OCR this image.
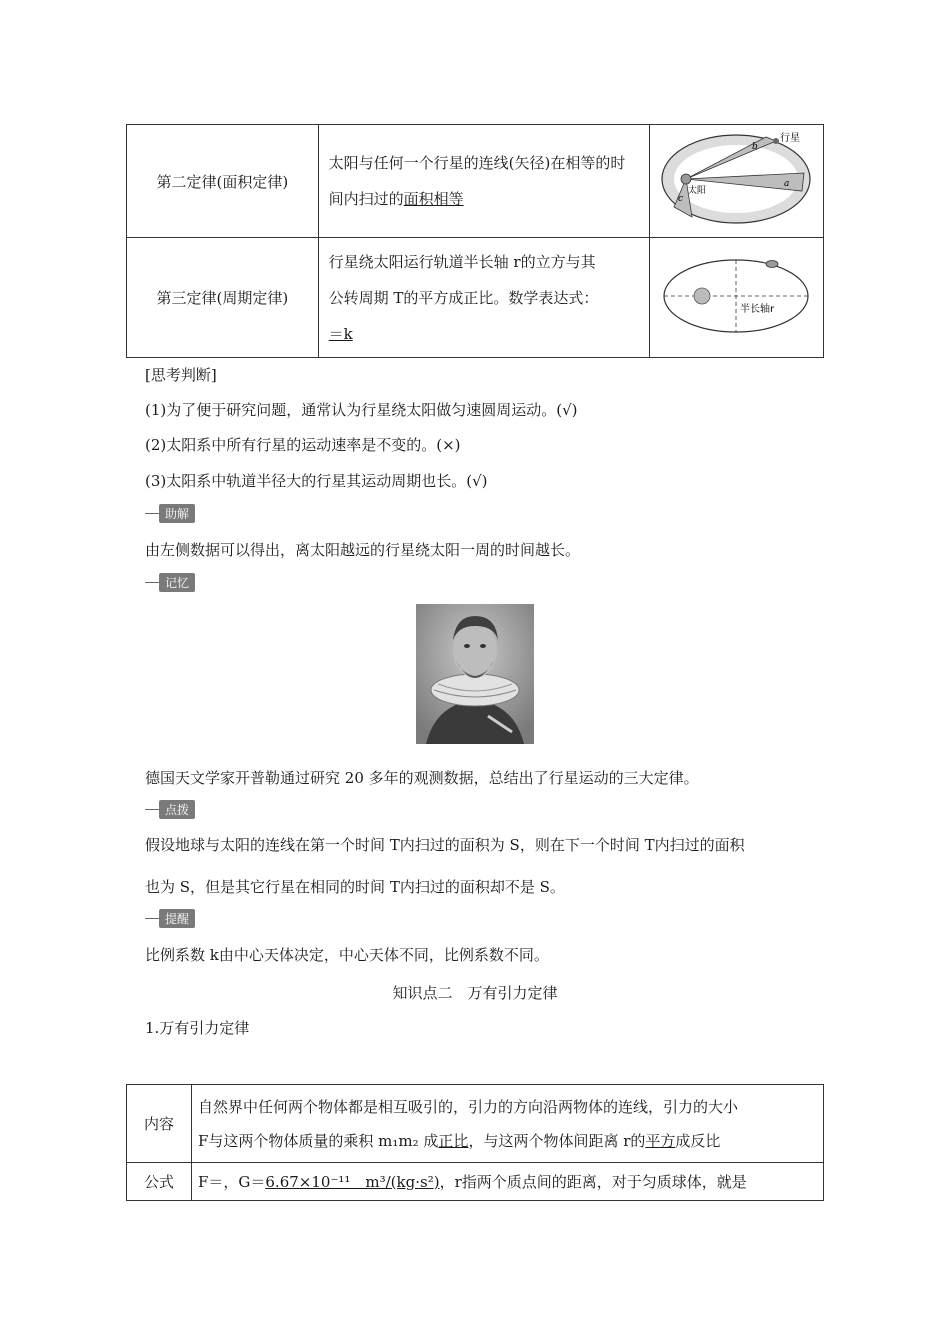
第二定律(面积定律)	太阳与任何一个行星的连线(矢径)在相等的时间内扫过的面积相等	行星
太阳
a
b
c

第三定律(周期定律)	行星绕太阳运行轨道半长轴 r的立方与其
公转周期 T的平方成正比。数学表达式：
＝k	半长轴r
[思考判断]
(1)为了便于研究问题，通常认为行星绕太阳做匀速圆周运动。(√)
(2)太阳系中所有行星的运动速率是不变的。(×)
(3)太阳系中轨道半径大的行星其运动周期也长。(√)
助解
由左侧数据可以得出，离太阳越远的行星绕太阳一周的时间越长。
记忆
德国天文学家开普勒通过研究 20 多年的观测数据，总结出了行星运动的三大定律。
点拨
假设地球与太阳的连线在第一个时间 T内扫过的面积为 S，则在下一个时间 T内扫过的面积
也为 S，但是其它行星在相同的时间 T内扫过的面积却不是 S。
提醒
比例系数 k由中心天体决定，中心天体不同，比例系数不同。
知识点二　万有引力定律
1.万有引力定律
内容	自然界中任何两个物体都是相互吸引的，引力的方向沿两物体的连线，引力的大小
F与这两个物体质量的乘积 m₁m₂ 成正比，与这两个物体间距离 r的平方成反比

公式	F＝，G＝6.67×10⁻¹¹　m³/(kg·s²)，r指两个质点间的距离，对于匀质球体，就是
